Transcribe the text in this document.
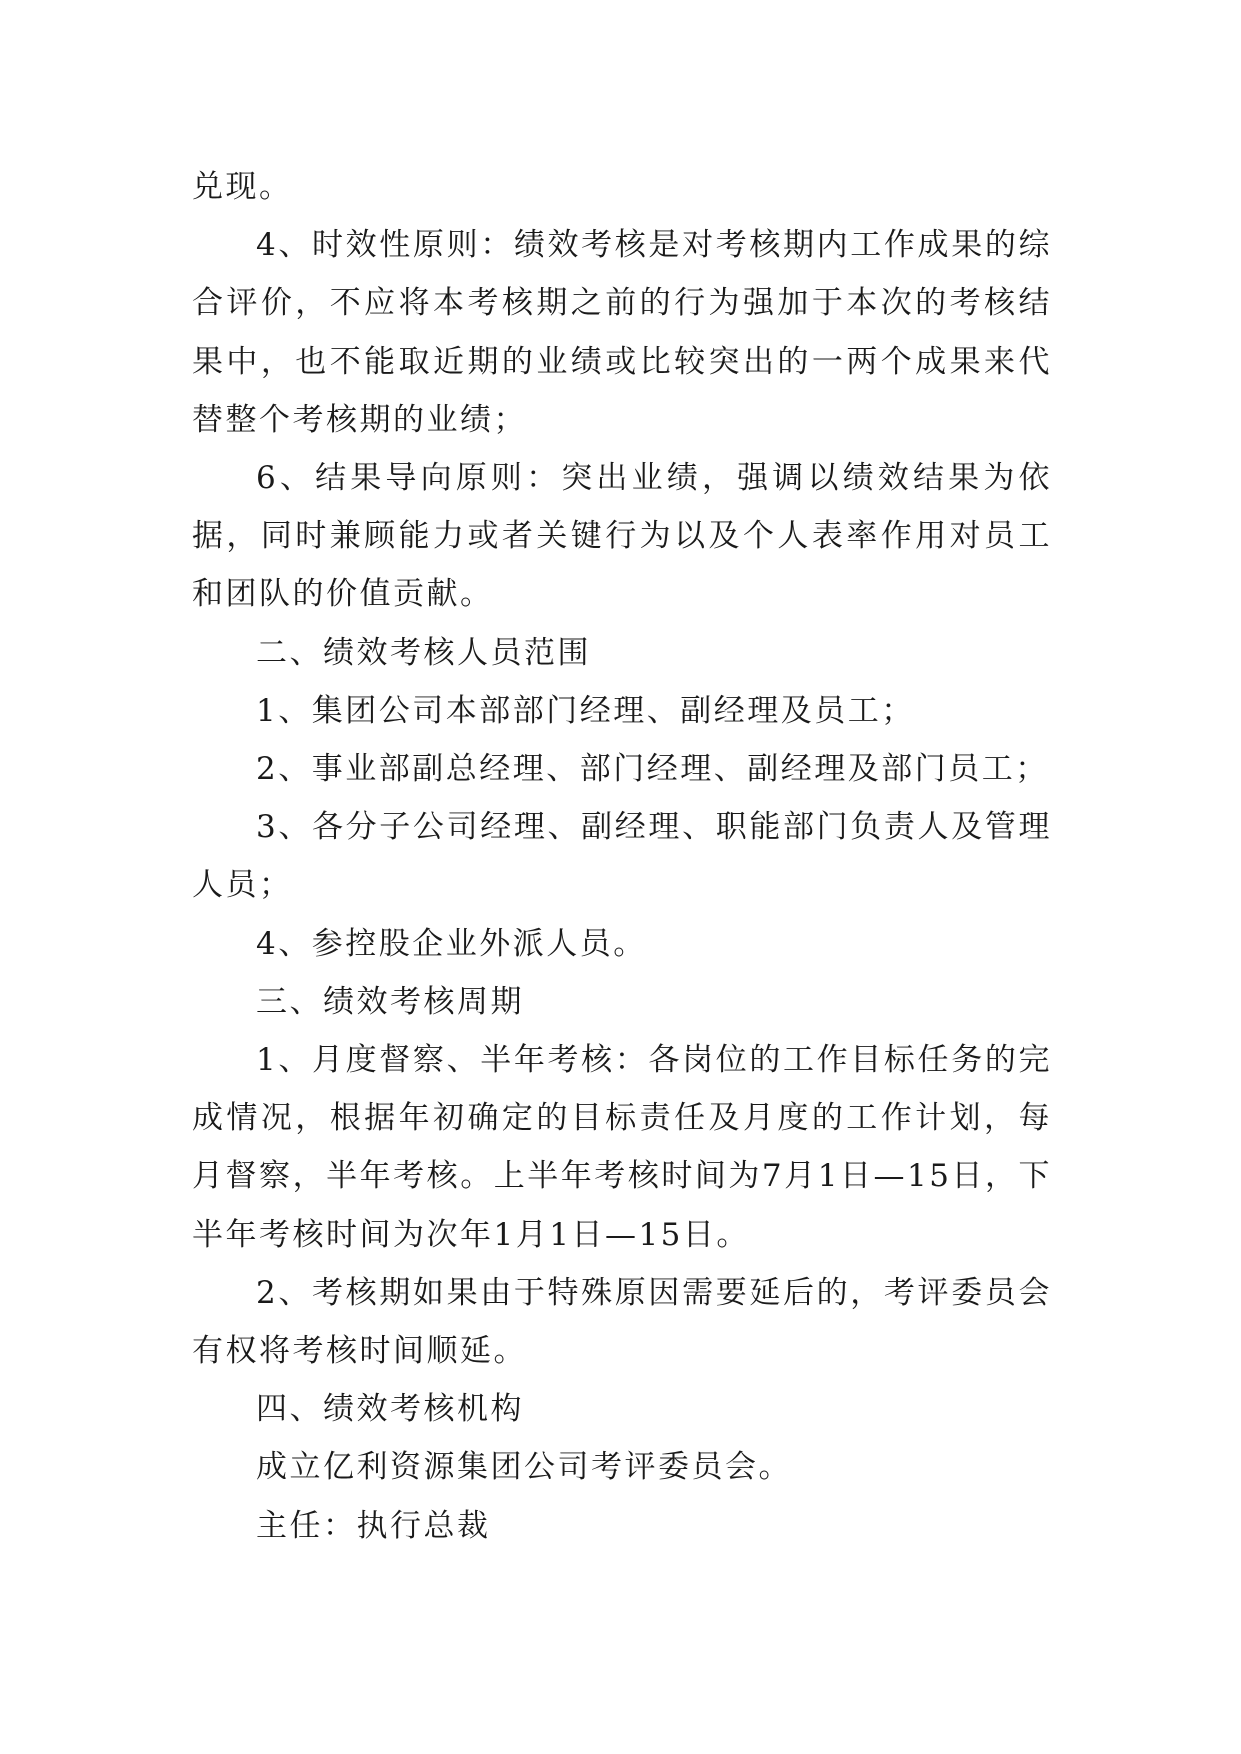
兑现。

4、时效性原则：绩效考核是对考核期内工作成果的综合评价，不应将本考核期之前的行为强加于本次的考核结果中，也不能取近期的业绩或比较突出的一两个成果来代替整个考核期的业绩；

6、结果导向原则：突出业绩，强调以绩效结果为依据，同时兼顾能力或者关键行为以及个人表率作用对员工和团队的价值贡献。

二、绩效考核人员范围

1、集团公司本部部门经理、副经理及员工；

2、事业部副总经理、部门经理、副经理及部门员工；

3、各分子公司经理、副经理、职能部门负责人及管理人员；

4、参控股企业外派人员。

三、绩效考核周期

1、月度督察、半年考核：各岗位的工作目标任务的完成情况，根据年初确定的目标责任及月度的工作计划，每月督察，半年考核。上半年考核时间为7月1日—15日，下半年考核时间为次年1月1日—15日。

2、考核期如果由于特殊原因需要延后的，考评委员会有权将考核时间顺延。

四、绩效考核机构

成立亿利资源集团公司考评委员会。

主任：执行总裁
